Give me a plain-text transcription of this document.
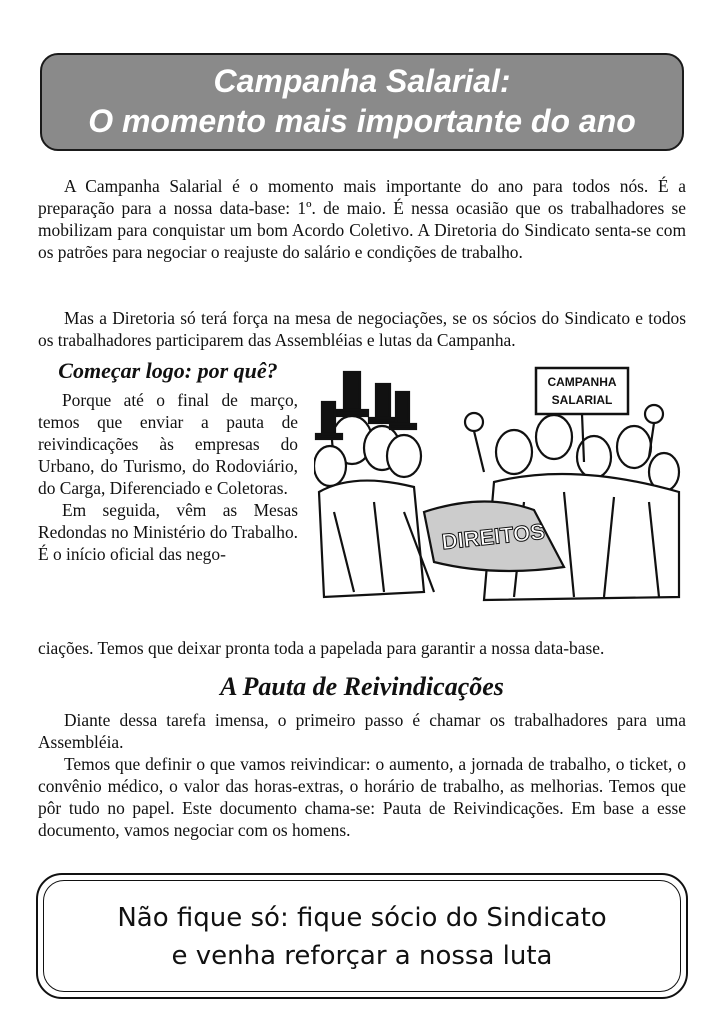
Campanha Salarial:
O momento mais importante do ano

A Campanha Salarial é o momento mais importante do ano para todos nós. É a preparação para a nossa data-base: 1º. de maio. É nessa ocasião que os trabalhadores se mobilizam para conquistar um bom Acordo Coletivo. A Diretoria do Sindicato senta-se com os patrões para negociar o reajuste do salário e condições de trabalho.

Mas a Diretoria só terá força na mesa de negociações, se os sócios do Sindicato e todos os trabalhadores participarem das Assembléias e lutas da Campanha.

Começar logo: por quê?

Porque até o final de março, temos que enviar a pauta de reivindicações às empresas do Urbano, do Turismo, do Rodoviário, do Carga, Diferenciado e Coletoras.

Em seguida, vêm as Mesas Redondas no Ministério do Trabalho. É o início oficial das nego-

ciações. Temos que deixar pronta toda a papelada para garantir a nossa data-base.

CAMPANHA
SALARIAL
DIREITOS
A Pauta de Reivindicações

Diante dessa tarefa imensa, o primeiro passo é chamar os trabalhadores para uma Assembléia.

Temos que definir o que vamos reivindicar: o aumento, a jornada de trabalho, o ticket, o convênio médico, o valor das horas-extras, o horário de trabalho, as melhorias. Temos que pôr tudo no papel. Este documento chama-se: Pauta de Reivindicações. Em base a esse documento, vamos negociar com os homens.

Não fique só: fique sócio do Sindicato
e venha reforçar a nossa luta
